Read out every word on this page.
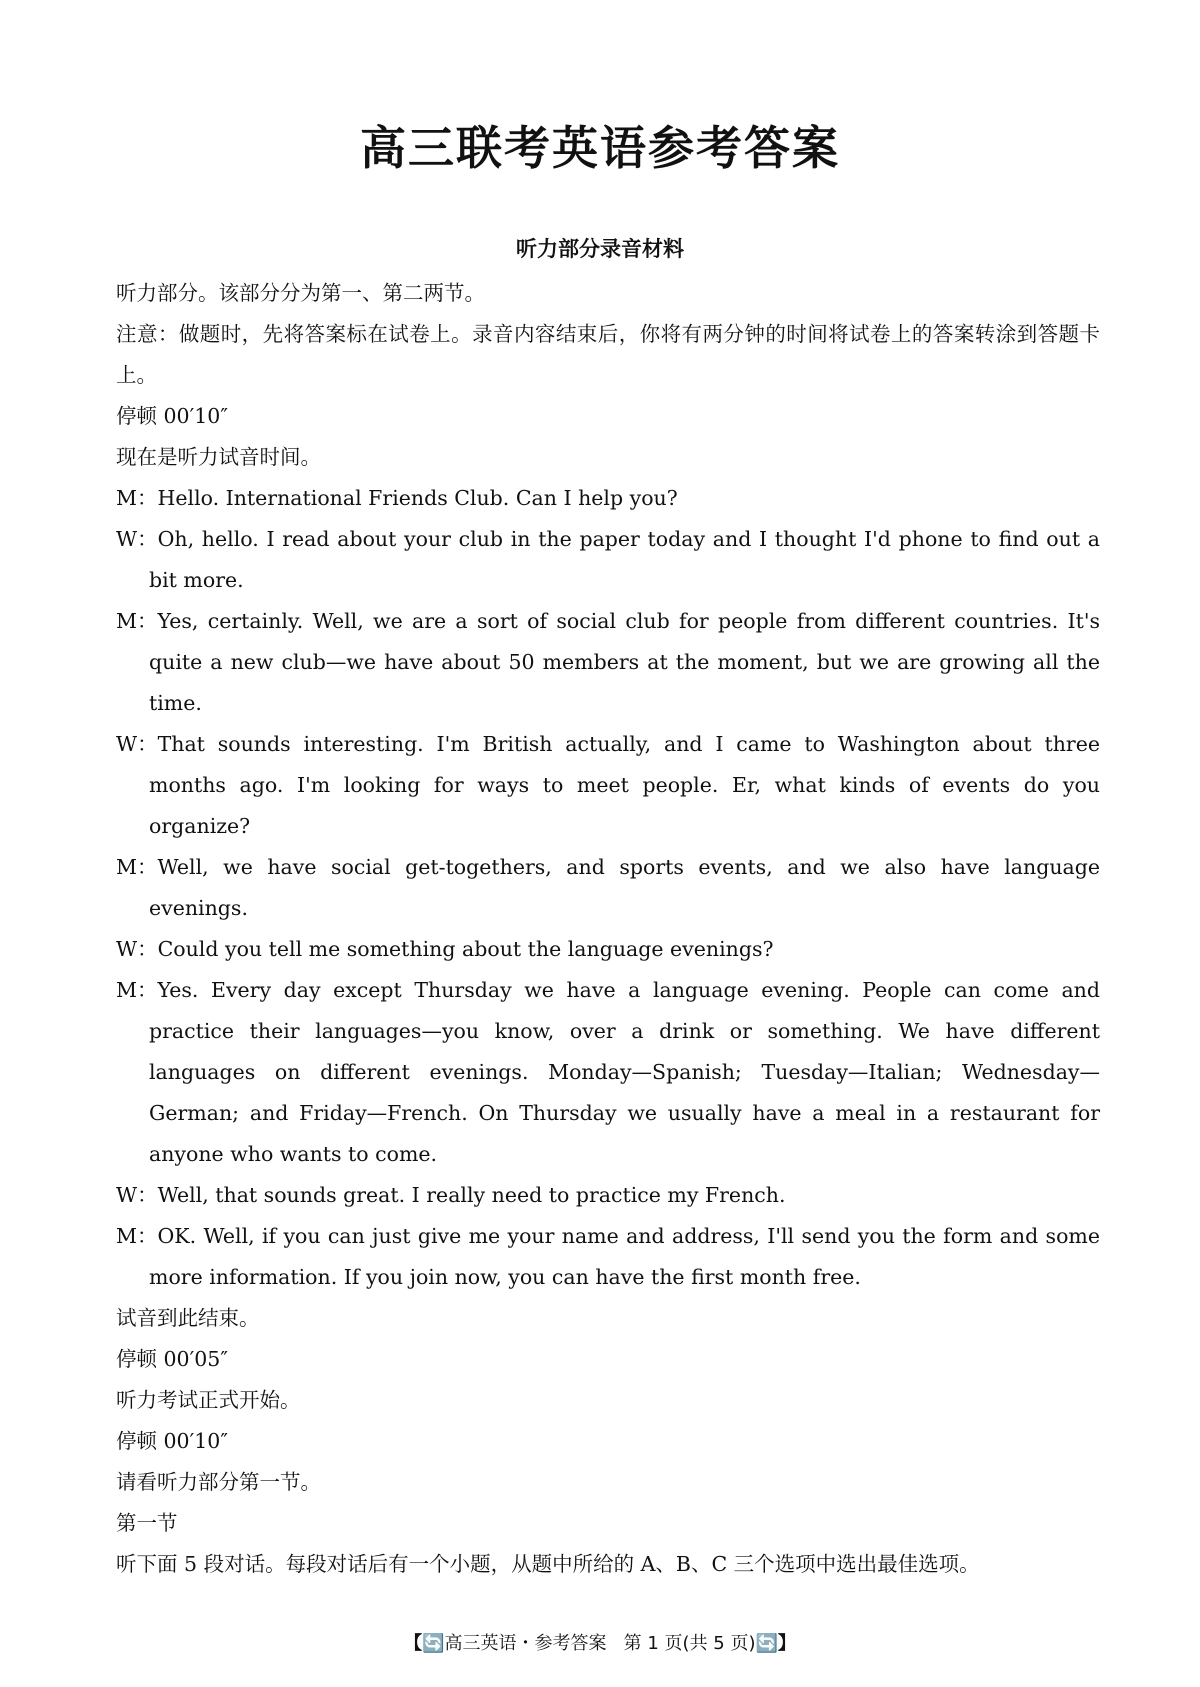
高三联考英语参考答案
听力部分录音材料

听力部分。该部分分为第一、第二两节。

注意：做题时，先将答案标在试卷上。录音内容结束后，你将有两分钟的时间将试卷上的答案转涂到答题卡上。

停顿 00′10″

现在是听力试音时间。

M：Hello. International Friends Club. Can I help you?

W：Oh, hello. I read about your club in the paper today and I thought I'd phone to find out a bit more.

M：Yes, certainly. Well, we are a sort of social club for people from different countries. It's quite a new club—we have about 50 members at the moment, but we are growing all the time.

W：That sounds interesting. I'm British actually, and I came to Washington about three months ago. I'm looking for ways to meet people. Er, what kinds of events do you organize?

M：Well, we have social get-togethers, and sports events, and we also have language evenings.

W：Could you tell me something about the language evenings?

M：Yes. Every day except Thursday we have a language evening. People can come and practice their languages—you know, over a drink or something. We have different languages on different evenings. Monday—Spanish; Tuesday—Italian; Wednesday—German; and Friday—French. On Thursday we usually have a meal in a restaurant for anyone who wants to come.

W：Well, that sounds great. I really need to practice my French.

M：OK. Well, if you can just give me your name and address, I'll send you the form and some more information. If you join now, you can have the first month free.

试音到此结束。

停顿 00′05″

听力考试正式开始。

停顿 00′10″

请看听力部分第一节。

第一节

听下面 5 段对话。每段对话后有一个小题，从题中所给的 A、B、C 三个选项中选出最佳选项。

【🔄高三英语・参考答案 第 1 页(共 5 页)🔄】
